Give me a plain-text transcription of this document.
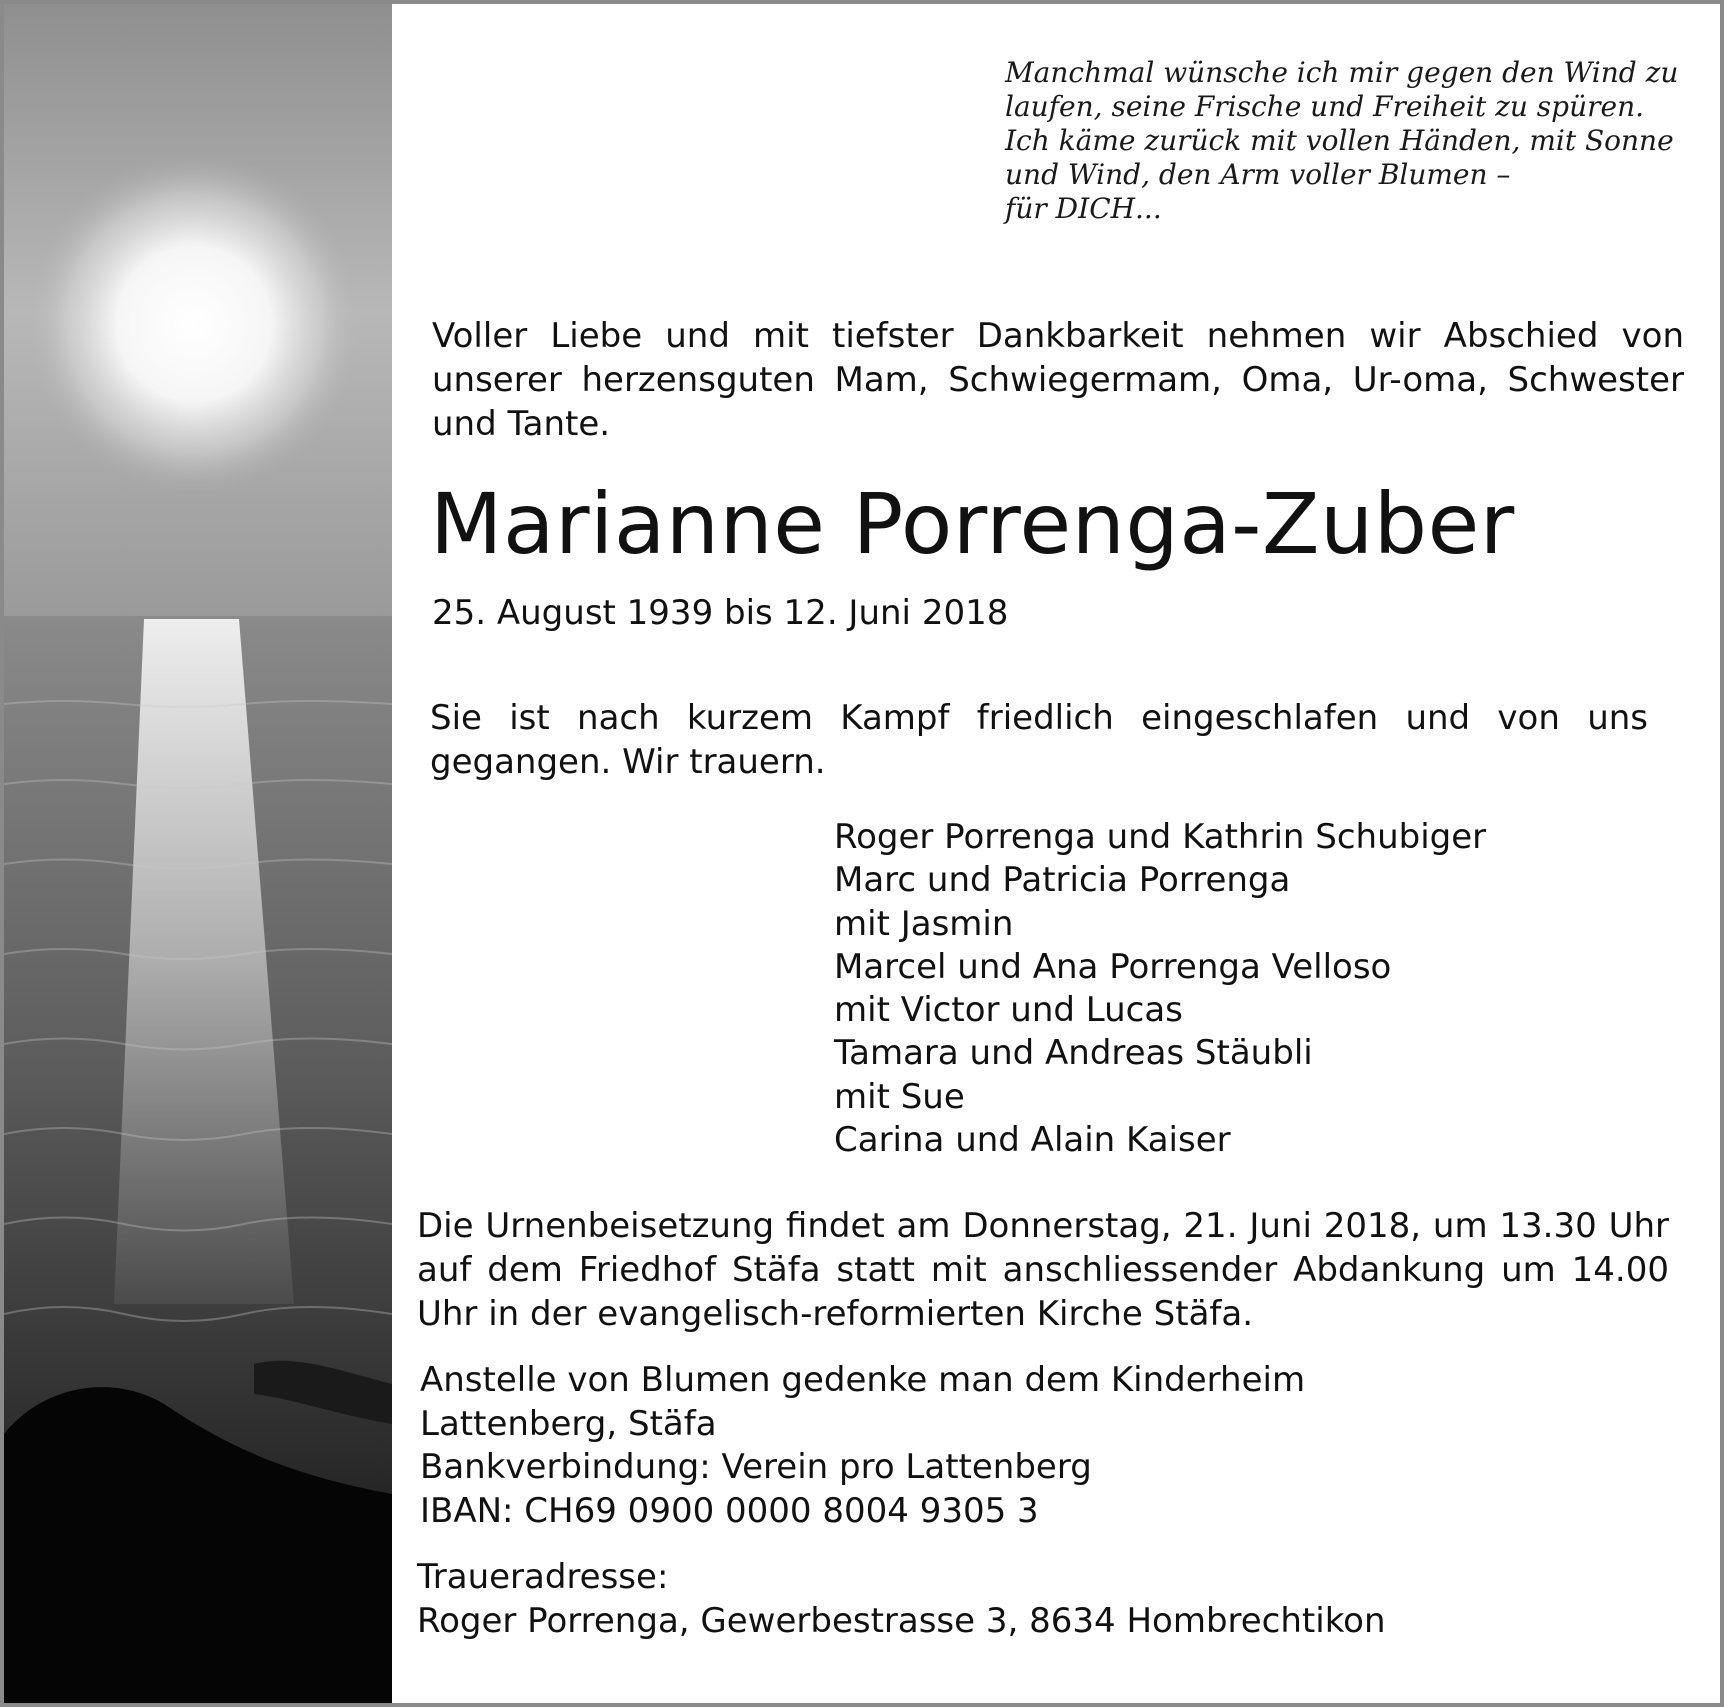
Manchmal wünsche ich mir gegen den Wind zu
laufen, seine Frische und Freiheit zu spüren.
Ich käme zurück mit vollen Händen, mit Sonne
und Wind, den Arm voller Blumen –
für DICH...
Voller Liebe und mit tiefster Dankbarkeit nehmen wir Abschied von unserer herzensguten Mam, Schwiegermam, Oma, Ur-oma, Schwester und Tante.
Marianne Porrenga-Zuber
25. August 1939 bis 12. Juni 2018
Sie ist nach kurzem Kampf friedlich eingeschlafen und von uns gegangen. Wir trauern.
Roger Porrenga und Kathrin Schubiger
Marc und Patricia Porrenga
mit Jasmin
Marcel und Ana Porrenga Velloso
mit Victor und Lucas
Tamara und Andreas Stäubli
mit Sue
Carina und Alain Kaiser
Die Urnenbeisetzung findet am Donnerstag, 21. Juni 2018, um 13.30 Uhr auf dem Friedhof Stäfa statt mit anschliessender Abdankung um 14.00 Uhr in der evangelisch-reformierten Kirche Stäfa.
Anstelle von Blumen gedenke man dem Kinderheim
Lattenberg, Stäfa
Bankverbindung: Verein pro Lattenberg
IBAN: CH69 0900 0000 8004 9305 3
Traueradresse:
Roger Porrenga, Gewerbestrasse 3, 8634 Hombrechtikon
